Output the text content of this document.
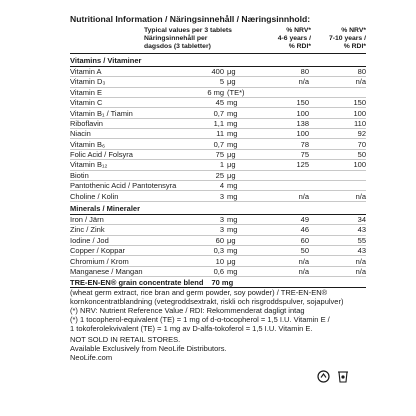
Nutritional Information / Näringsinnehåll / Næringsinnhold:
Typical values per 3 tablets
Näringsinnehåll per
dagsdos (3 tabletter)
% NRV*
4-6 years /
% RDI*
% NRV*
7-10 years /
% RDI*
Vitamins / Vitaminer
Vitamin A	400 μg	80	80
Vitamin D₃	5 μg	n/a	n/a
Vitamin E	6 mg (TE*)
Vitamin C	45 mg	150	150
Vitamin B₁ / Tiamin	0,7 mg	100	100
Riboflavin	1,1 mg	138	110
Niacin	11 mg	100	92
Vitamin B₆	0,7 mg	78	70
Folic Acid / Folsyra	75 μg	75	50
Vitamin B₁₂	1 μg	125	100
Biotin	25 μg
Pantothenic Acid / Pantotensyra	4 mg
Choline / Kolin	3 mg	n/a	n/a
Minerals / Mineraler
Iron / Järn	3 mg	49	34
Zinc / Zink	3 mg	46	43
Iodine / Jod	60 μg	60	55
Copper / Koppar	0,3 mg	50	43
Chromium / Krom	10 μg	n/a	n/a
Manganese / Mangan	0,6 mg	n/a	n/a
TRE-EN-EN® grain concentrate blend 70 mg

(wheat germ extract, rice bran and germ powder, soy powder) / TRE-EN-EN® kornkoncentratblandning (vetegroddsextrakt, riskli och risgroddspulver, sojapulver)

(*) NRV: Nutrient Reference Value / RDI: Rekommenderat dagligt intag

(*) 1 tocopherol-equivalent (TE) = 1 mg of d-α-tocopherol = 1,5 I.U. Vitamin E /

1 tokoferolekvivalent (TE) = 1 mg av D-alfa-tokoferol = 1,5 I.U. Vitamin E.

NOT SOLD IN RETAIL STORES.
Available Exclusively from NeoLife Distributors.
NeoLife.com
